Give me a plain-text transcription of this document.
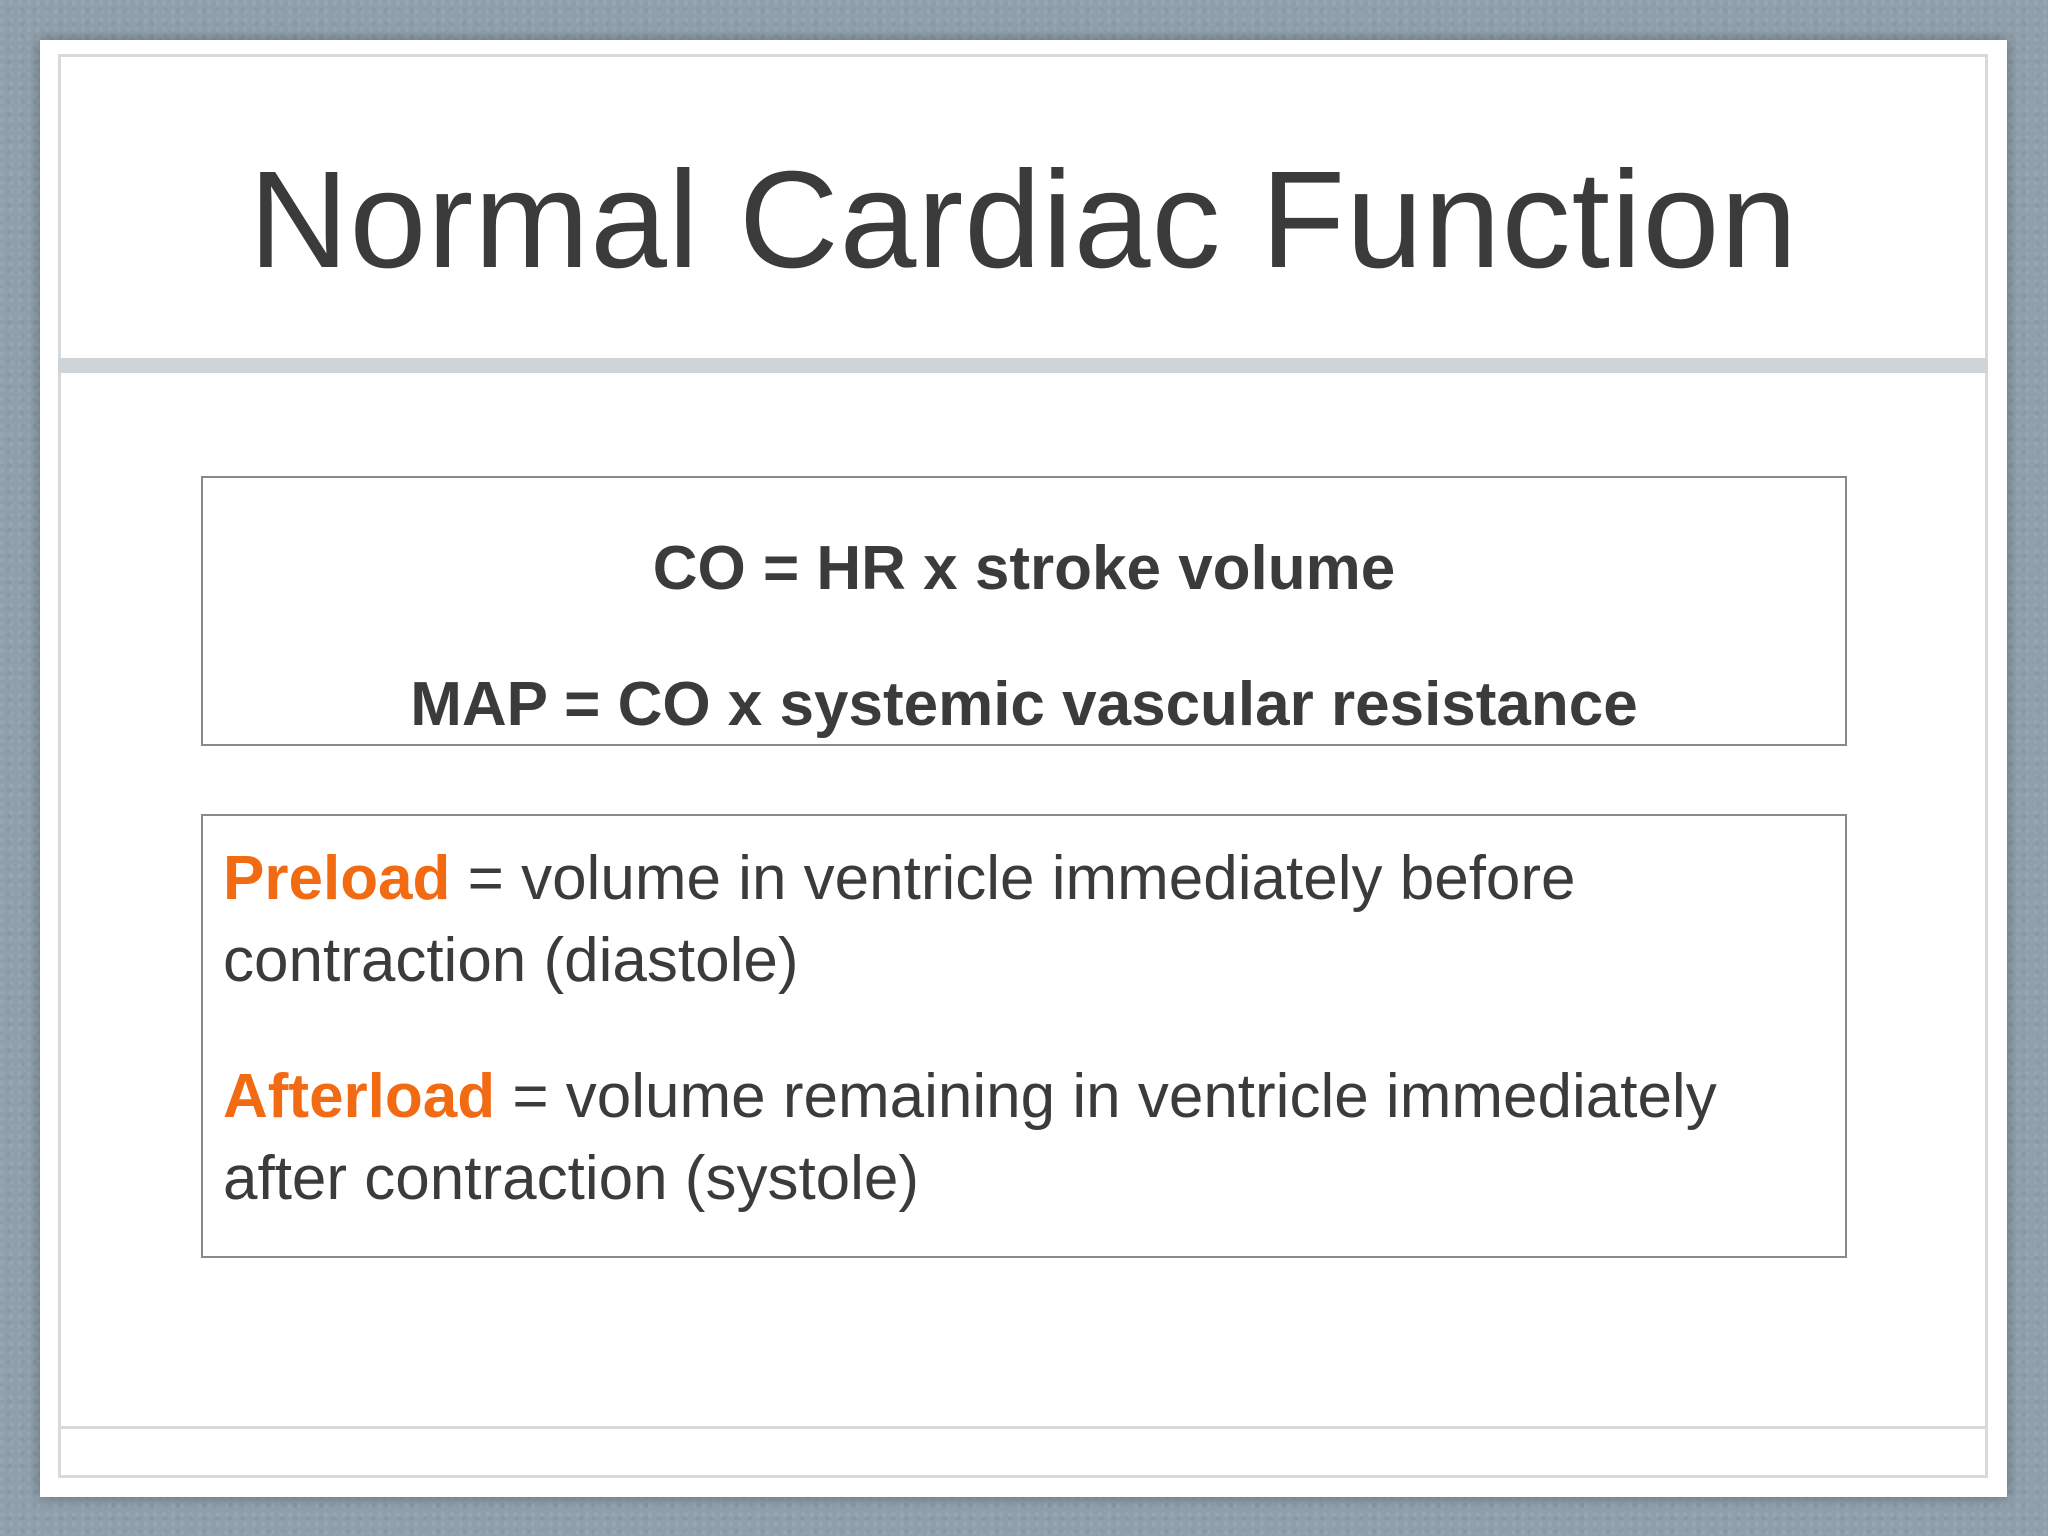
Normal Cardiac Function
CO = HR x stroke volume
MAP = CO x systemic vascular resistance

Preload = volume in ventricle immediately before contraction (diastole)

Afterload = volume remaining in ventricle immediately after contraction (systole)
